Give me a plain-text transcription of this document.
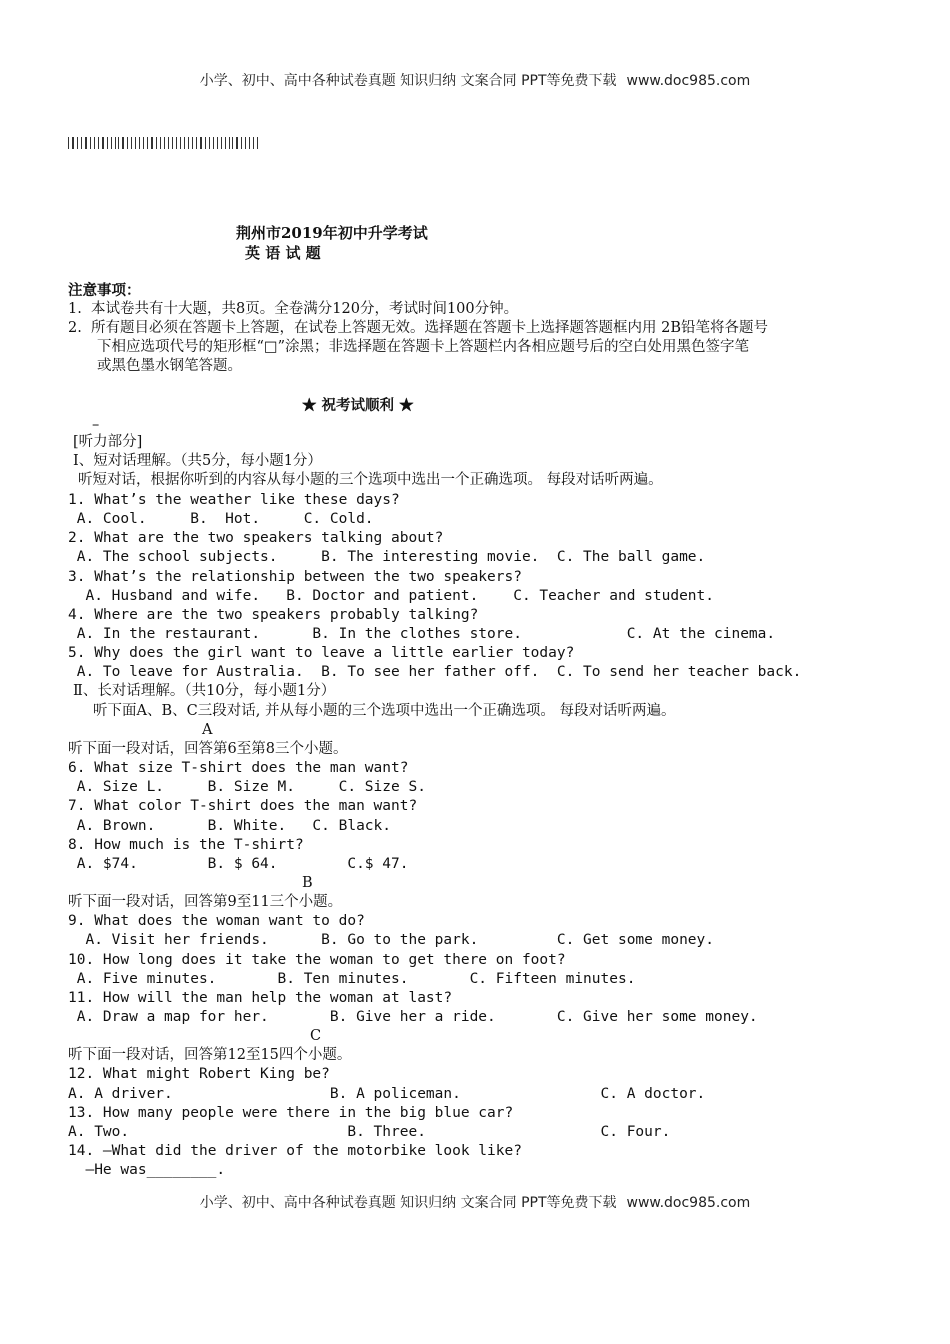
小学、初中、高中各种试卷真题 知识归纳 文案合同 PPT等免费下载 www.doc985.com
荆州市2019年初中升学考试
英 语 试 题
注意事项：
1.  本试卷共有十大题，共8页。全卷满分120分，考试时间100分钟。
2.  所有题目必须在答题卡上答题，在试卷上答题无效。选择题在答题卡上选择题答题框内用 2B铅笔将各题号
下相应选项代号的矩形框“□”涂黑；非选择题在答题卡上答题栏内各相应题号后的空白处用黑色签字笔
或黑色墨水钢笔答题。
★ 祝考试顺利 ★
–
[听力部分]
Ⅰ、短对话理解。（共5分，每小题1分）
听短对话，根据你听到的内容从每小题的三个选项中选出一个正确选项。 每段对话听两遍。
1. What’s the weather like these days?
A. Cool.     B.  Hot.     C. Cold.
2. What are the two speakers talking about?
A. The school subjects.     B. The interesting movie.  C. The ball game.
3. What’s the relationship between the two speakers?
A. Husband and wife.   B. Doctor and patient.    C. Teacher and student.
4. Where are the two speakers probably talking?
A. In the restaurant.      B. In the clothes store.            C. At the cinema.
5. Why does the girl want to leave a little earlier today?
A. To leave for Australia.  B. To see her father off.  C. To send her teacher back.
Ⅱ、长对话理解。（共10分，每小题1分）
听下面A、B、C三段对话, 并从每小题的三个选项中选出一个正确选项。 每段对话听两遍。
A
听下面一段对话，回答第6至第8三个小题。
6. What size T-shirt does the man want?
A. Size L.     B. Size M.     C. Size S.
7. What color T-shirt does the man want?
A. Brown.      B. White.   C. Black.
8. How much is the T-shirt?
A. $74.        B. $ 64.        C.$ 47.
B
听下面一段对话，回答第9至11三个小题。
9. What does the woman want to do?
A. Visit her friends.      B. Go to the park.         C. Get some money.
10. How long does it take the woman to get there on foot?
A. Five minutes.       B. Ten minutes.       C. Fifteen minutes.
11. How will the man help the woman at last?
A. Draw a map for her.       B. Give her a ride.       C. Give her some money.
C
听下面一段对话，回答第12至15四个小题。
12. What might Robert King be?
A. A driver.                  B. A policeman.                C. A doctor.
13. How many people were there in the big blue car?
A. Two.                         B. Three.                    C. Four.
14. —What did the driver of the motorbike look like?
—He was________.
小学、初中、高中各种试卷真题 知识归纳 文案合同 PPT等免费下载 www.doc985.com
